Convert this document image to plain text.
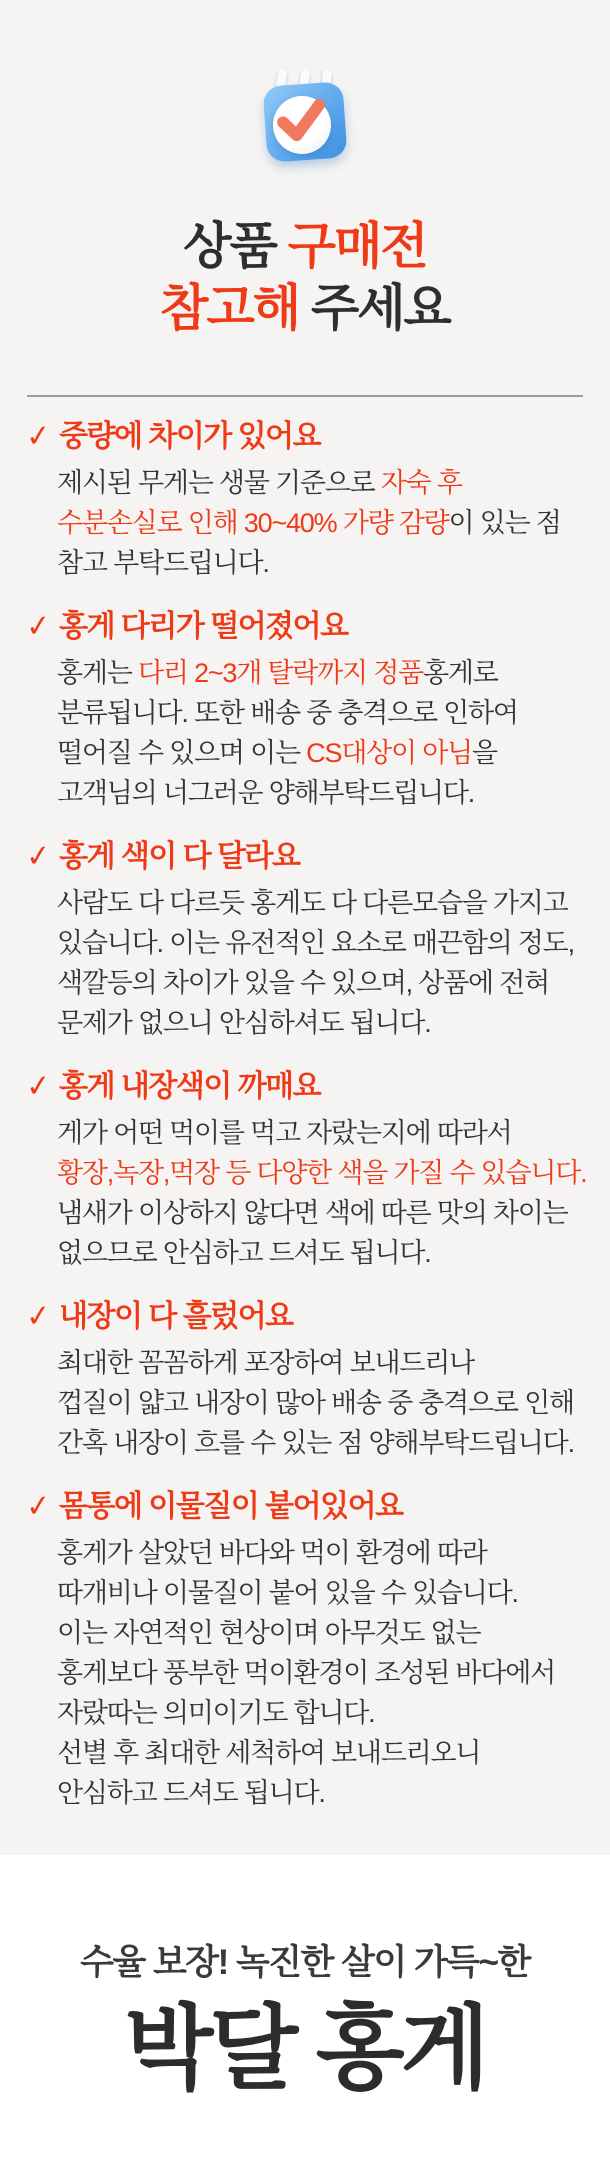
상품 구매전
참고해 주세요
✓ 중량에 차이가 있어요
제시된 무게는 생물 기준으로 자숙 후
수분손실로 인해 30~40% 가량 감량이 있는 점
참고 부탁드립니다.
✓ 홍게 다리가 떨어졌어요
홍게는 다리 2~3개 탈락까지 정품홍게로
분류됩니다. 또한 배송 중 충격으로 인하여
떨어질 수 있으며 이는 CS대상이 아님을
고객님의 너그러운 양해부탁드립니다.
✓ 홍게 색이 다 달라요
사람도 다 다르듯 홍게도 다 다른모습을 가지고
있습니다. 이는 유전적인 요소로 매끈함의 정도,
색깔등의 차이가 있을 수 있으며, 상품에 전혀
문제가 없으니 안심하셔도 됩니다.
✓ 홍게 내장색이 까매요
게가 어떤 먹이를 먹고 자랐는지에 따라서
황장,녹장,먹장 등 다양한 색을 가질 수 있습니다.
냄새가 이상하지 않다면 색에 따른 맛의 차이는
없으므로 안심하고 드셔도 됩니다.
✓ 내장이 다 흘렀어요
최대한 꼼꼼하게 포장하여 보내드리나
껍질이 얇고 내장이 많아 배송 중 충격으로 인해
간혹 내장이 흐를 수 있는 점 양해부탁드립니다.
✓ 몸통에 이물질이 붙어있어요
홍게가 살았던 바다와 먹이 환경에 따라
따개비나 이물질이 붙어 있을 수 있습니다.
이는 자연적인 현상이며 아무것도 없는
홍게보다 풍부한 먹이환경이 조성된 바다에서
자랐따는 의미이기도 합니다.
선별 후 최대한 세척하여 보내드리오니
안심하고 드셔도 됩니다.
수율 보장! 녹진한 살이 가득~한
박달 홍게
